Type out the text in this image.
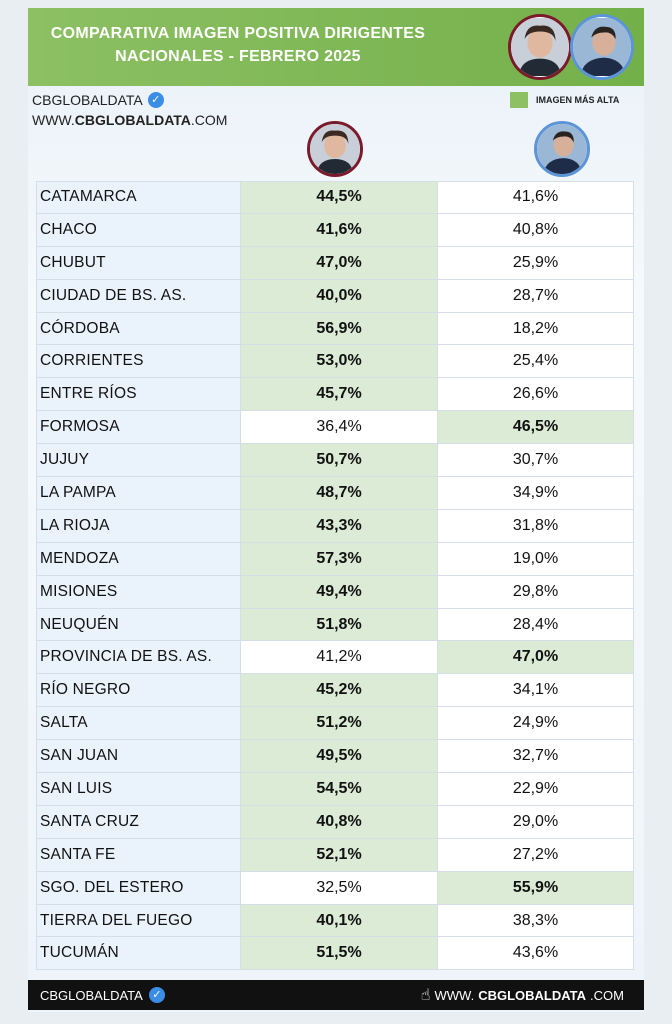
COMPARATIVA IMAGEN POSITIVA DIRIGENTES
NACIONALES - FEBRERO 2025
CBGLOBALDATA ✓
WWW.CBGLOBALDATA.COM
IMAGEN MÁS ALTA
CATAMARCA	44,5%	41,6%
CHACO	41,6%	40,8%
CHUBUT	47,0%	25,9%
CIUDAD DE BS. AS.	40,0%	28,7%
CÓRDOBA	56,9%	18,2%
CORRIENTES	53,0%	25,4%
ENTRE RÍOS	45,7%	26,6%
FORMOSA	36,4%	46,5%
JUJUY	50,7%	30,7%
LA PAMPA	48,7%	34,9%
LA RIOJA	43,3%	31,8%
MENDOZA	57,3%	19,0%
MISIONES	49,4%	29,8%
NEUQUÉN	51,8%	28,4%
PROVINCIA DE BS. AS.	41,2%	47,0%
RÍO NEGRO	45,2%	34,1%
SALTA	51,2%	24,9%
SAN JUAN	49,5%	32,7%
SAN LUIS	54,5%	22,9%
SANTA CRUZ	40,8%	29,0%
SANTA FE	52,1%	27,2%
SGO. DEL ESTERO	32,5%	55,9%
TIERRA DEL FUEGO	40,1%	38,3%
TUCUMÁN	51,5%	43,6%
CBGLOBALDATA ✓	☝ WWW. CBGLOBALDATA .COM
